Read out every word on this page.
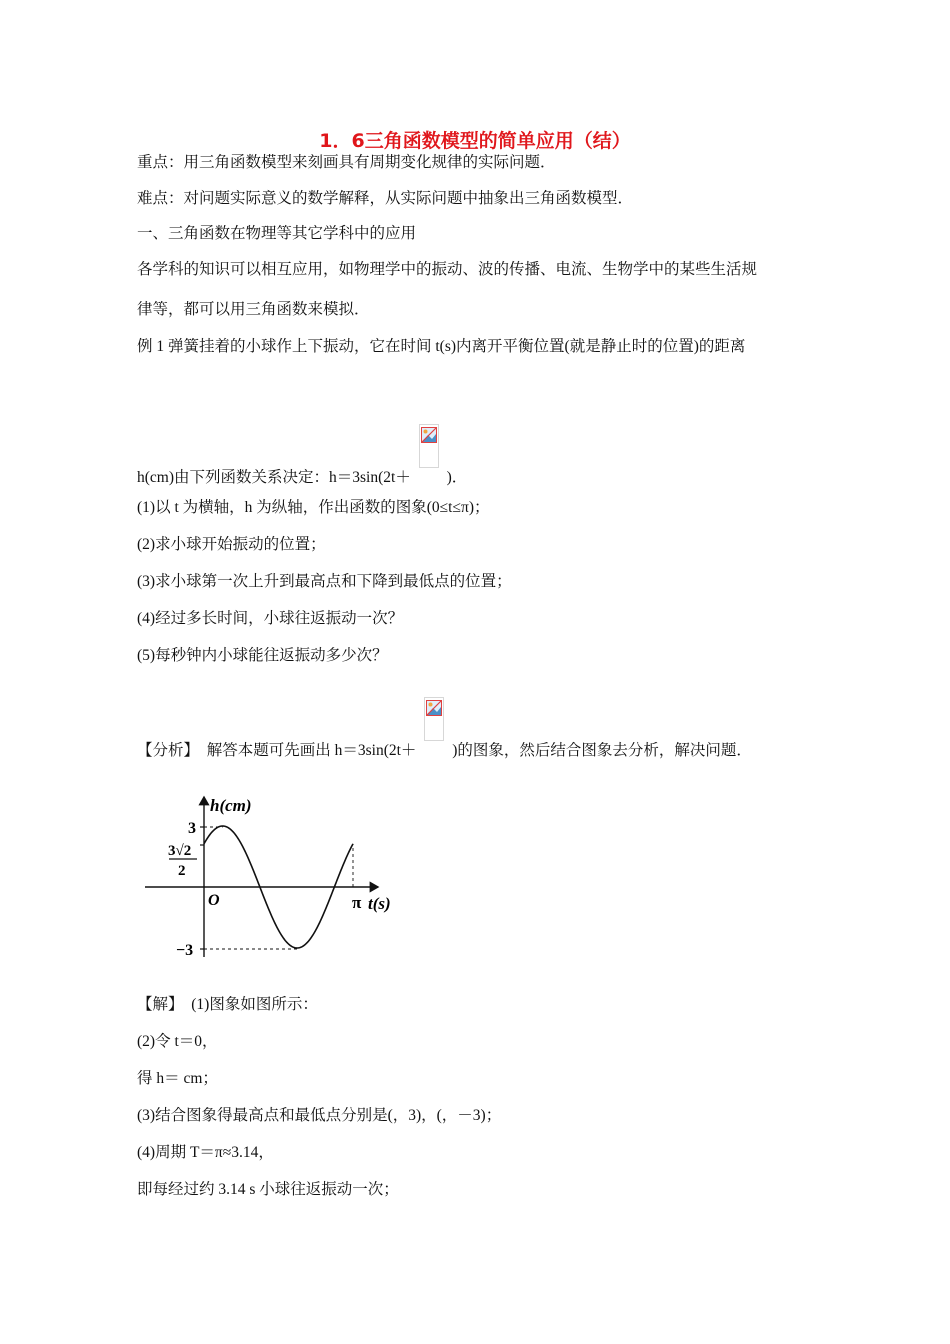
1．6三角函数模型的简单应用（结）
重点：用三角函数模型来刻画具有周期变化规律的实际问题．
难点：对问题实际意义的数学解释，从实际问题中抽象出三角函数模型．
一、三角函数在物理等其它学科中的应用
各学科的知识可以相互应用，如物理学中的振动、波的传播、电流、生物学中的某些生活规
律等，都可以用三角函数来模拟．
例 1 弹簧挂着的小球作上下振动，它在时间 t(s)内离开平衡位置(就是静止时的位置)的距离
h(cm)由下列函数关系决定：h＝3sin(2t＋ )．
(1)以 t 为横轴，h 为纵轴，作出函数的图象(0≤t≤π)；
(2)求小球开始振动的位置；
(3)求小球第一次上升到最高点和下降到最低点的位置；
(4)经过多长时间，小球往返振动一次？
(5)每秒钟内小球能往返振动多少次？
【分析】　解答本题可先画出 h＝3sin(2t＋ )的图象，然后结合图象去分析，解决问题．
h(cm)
t(s)
O	π
3
−3
3√2
2
【解】　(1)图象如图所示：
(2)令 t＝0，
得 h＝ cm；
(3)结合图象得最高点和最低点分别是(，3)，(，－3)；
(4)周期 T＝π≈3.14，
即每经过约 3.14 s 小球往返振动一次；
